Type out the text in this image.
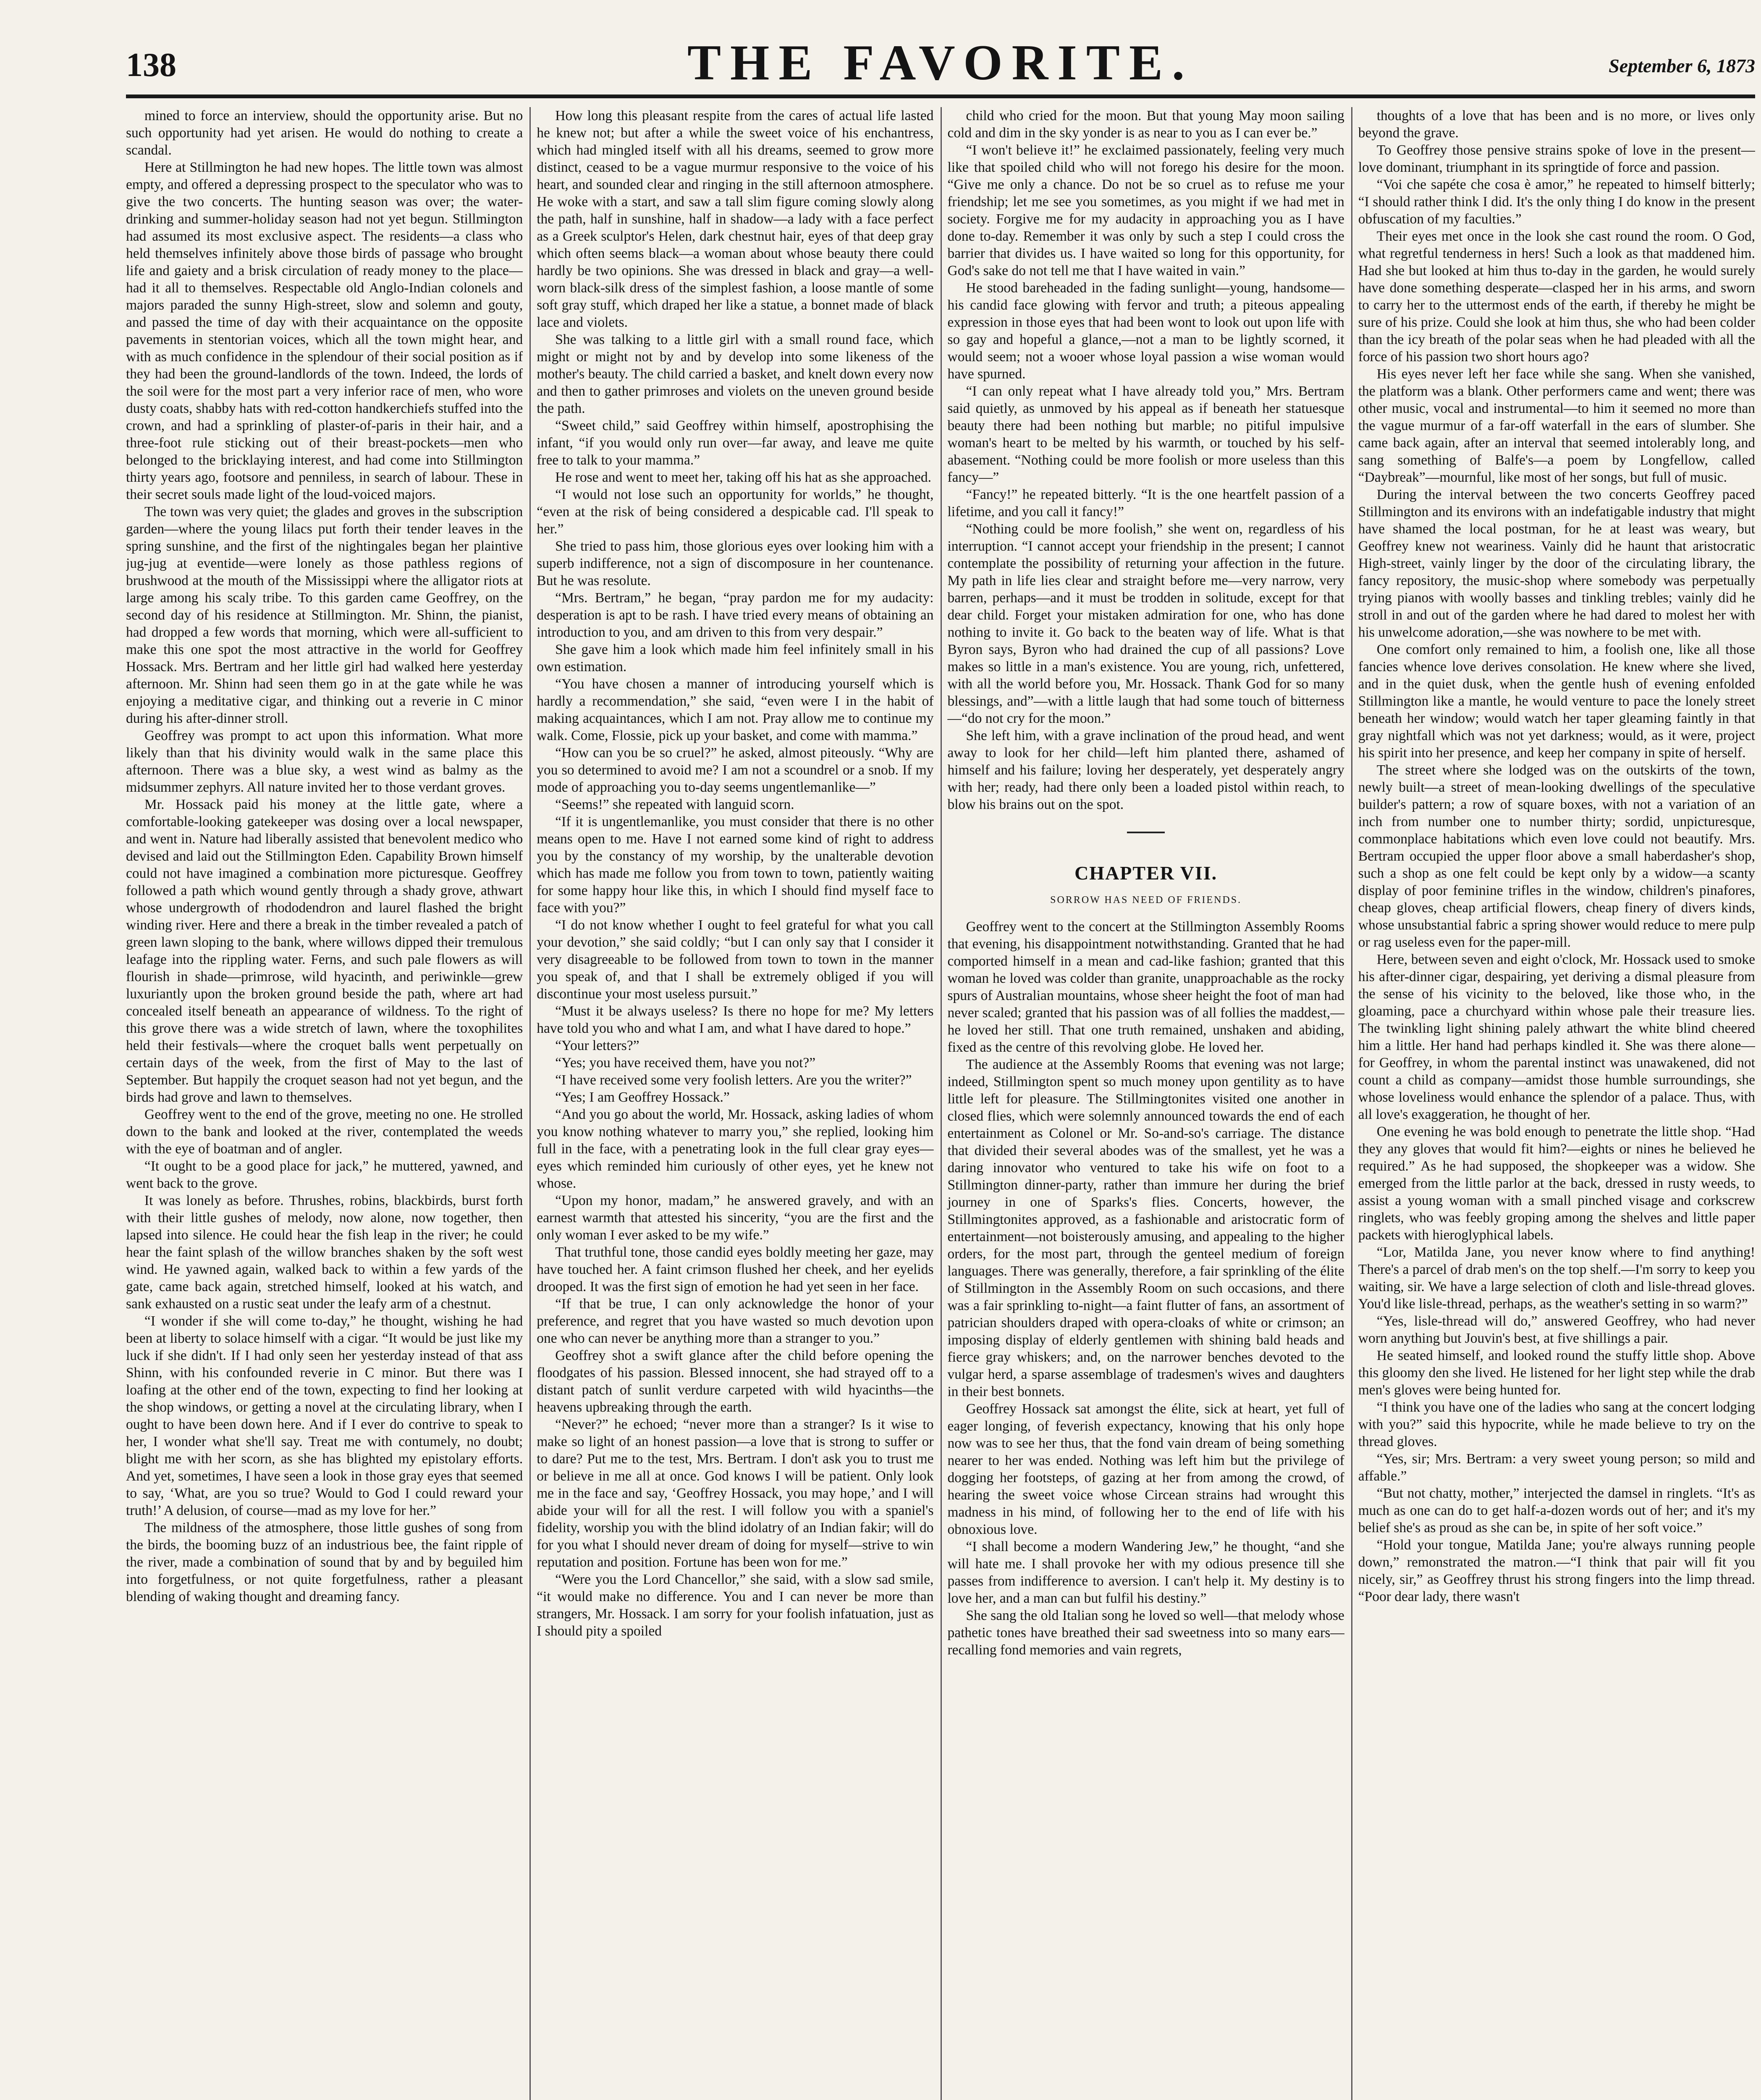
138	THE FAVORITE.	September 6, 1873

mined to force an interview, should the opportunity arise. But no such opportunity had yet arisen. He would do nothing to create a scandal.

Here at Stillmington he had new hopes. The little town was almost empty, and offered a depressing prospect to the speculator who was to give the two concerts. The hunting season was over; the water-drinking and summer-holiday season had not yet begun. Stillmington had assumed its most exclusive aspect. The residents—a class who held themselves infinitely above those birds of passage who brought life and gaiety and a brisk circulation of ready money to the place—had it all to themselves. Respectable old Anglo-Indian colonels and majors paraded the sunny High-street, slow and solemn and gouty, and passed the time of day with their acquaintance on the opposite pavements in stentorian voices, which all the town might hear, and with as much confidence in the splendour of their social position as if they had been the ground-landlords of the town. Indeed, the lords of the soil were for the most part a very inferior race of men, who wore dusty coats, shabby hats with red-cotton handkerchiefs stuffed into the crown, and had a sprinkling of plaster-of-paris in their hair, and a three-foot rule sticking out of their breast-pockets—men who belonged to the bricklaying interest, and had come into Stillmington thirty years ago, footsore and penniless, in search of labour. These in their secret souls made light of the loud-voiced majors.

The town was very quiet; the glades and groves in the subscription garden—where the young lilacs put forth their tender leaves in the spring sunshine, and the first of the nightingales began her plaintive jug-jug at eventide—were lonely as those pathless regions of brushwood at the mouth of the Mississippi where the alligator riots at large among his scaly tribe. To this garden came Geoffrey, on the second day of his residence at Stillmington. Mr. Shinn, the pianist, had dropped a few words that morning, which were all-sufficient to make this one spot the most attractive in the world for Geoffrey Hossack. Mrs. Bertram and her little girl had walked here yesterday afternoon. Mr. Shinn had seen them go in at the gate while he was enjoying a meditative cigar, and thinking out a reverie in C minor during his after-dinner stroll.

Geoffrey was prompt to act upon this information. What more likely than that his divinity would walk in the same place this afternoon. There was a blue sky, a west wind as balmy as the midsummer zephyrs. All nature invited her to those verdant groves.

Mr. Hossack paid his money at the little gate, where a comfortable-looking gatekeeper was dosing over a local newspaper, and went in. Nature had liberally assisted that benevolent medico who devised and laid out the Stillmington Eden. Capability Brown himself could not have imagined a combination more picturesque. Geoffrey followed a path which wound gently through a shady grove, athwart whose undergrowth of rhododendron and laurel flashed the bright winding river. Here and there a break in the timber revealed a patch of green lawn sloping to the bank, where willows dipped their tremulous leafage into the rippling water. Ferns, and such pale flowers as will flourish in shade—primrose, wild hyacinth, and periwinkle—grew luxuriantly upon the broken ground beside the path, where art had concealed itself beneath an appearance of wildness. To the right of this grove there was a wide stretch of lawn, where the toxophilites held their festivals—where the croquet balls went perpetually on certain days of the week, from the first of May to the last of September. But happily the croquet season had not yet begun, and the birds had grove and lawn to themselves.

Geoffrey went to the end of the grove, meeting no one. He strolled down to the bank and looked at the river, contemplated the weeds with the eye of boatman and of angler.

“It ought to be a good place for jack,” he muttered, yawned, and went back to the grove.

It was lonely as before. Thrushes, robins, blackbirds, burst forth with their little gushes of melody, now alone, now together, then lapsed into silence. He could hear the fish leap in the river; he could hear the faint splash of the willow branches shaken by the soft west wind. He yawned again, walked back to within a few yards of the gate, came back again, stretched himself, looked at his watch, and sank exhausted on a rustic seat under the leafy arm of a chestnut.

“I wonder if she will come to-day,” he thought, wishing he had been at liberty to solace himself with a cigar. “It would be just like my luck if she didn't. If I had only seen her yesterday instead of that ass Shinn, with his confounded reverie in C minor. But there was I loafing at the other end of the town, expecting to find her looking at the shop windows, or getting a novel at the circulating library, when I ought to have been down here. And if I ever do contrive to speak to her, I wonder what she'll say. Treat me with contumely, no doubt; blight me with her scorn, as she has blighted my epistolary efforts. And yet, sometimes, I have seen a look in those gray eyes that seemed to say, ‘What, are you so true? Would to God I could reward your truth!’ A delusion, of course—mad as my love for her.”

The mildness of the atmosphere, those little gushes of song from the birds, the booming buzz of an industrious bee, the faint ripple of the river, made a combination of sound that by and by beguiled him into forgetfulness, or not quite forgetfulness, rather a pleasant blending of waking thought and dreaming fancy.

How long this pleasant respite from the cares of actual life lasted he knew not; but after a while the sweet voice of his enchantress, which had mingled itself with all his dreams, seemed to grow more distinct, ceased to be a vague murmur responsive to the voice of his heart, and sounded clear and ringing in the still afternoon atmosphere. He woke with a start, and saw a tall slim figure coming slowly along the path, half in sunshine, half in shadow—a lady with a face perfect as a Greek sculptor's Helen, dark chestnut hair, eyes of that deep gray which often seems black—a woman about whose beauty there could hardly be two opinions. She was dressed in black and gray—a well-worn black-silk dress of the simplest fashion, a loose mantle of some soft gray stuff, which draped her like a statue, a bonnet made of black lace and violets.

She was talking to a little girl with a small round face, which might or might not by and by develop into some likeness of the mother's beauty. The child carried a basket, and knelt down every now and then to gather primroses and violets on the uneven ground beside the path.

“Sweet child,” said Geoffrey within himself, apostrophising the infant, “if you would only run over—far away, and leave me quite free to talk to your mamma.”

He rose and went to meet her, taking off his hat as she approached.

“I would not lose such an opportunity for worlds,” he thought, “even at the risk of being considered a despicable cad. I'll speak to her.”

She tried to pass him, those glorious eyes over looking him with a superb indifference, not a sign of discomposure in her countenance. But he was resolute.

“Mrs. Bertram,” he began, “pray pardon me for my audacity: desperation is apt to be rash. I have tried every means of obtaining an introduction to you, and am driven to this from very despair.”

She gave him a look which made him feel infinitely small in his own estimation.

“You have chosen a manner of introducing yourself which is hardly a recommendation,” she said, “even were I in the habit of making acquaintances, which I am not. Pray allow me to continue my walk. Come, Flossie, pick up your basket, and come with mamma.”

“How can you be so cruel?” he asked, almost piteously. “Why are you so determined to avoid me? I am not a scoundrel or a snob. If my mode of approaching you to-day seems ungentlemanlike—”

“Seems!” she repeated with languid scorn.

“If it is ungentlemanlike, you must consider that there is no other means open to me. Have I not earned some kind of right to address you by the constancy of my worship, by the unalterable devotion which has made me follow you from town to town, patiently waiting for some happy hour like this, in which I should find myself face to face with you?”

“I do not know whether I ought to feel grateful for what you call your devotion,” she said coldly; “but I can only say that I consider it very disagreeable to be followed from town to town in the manner you speak of, and that I shall be extremely obliged if you will discontinue your most useless pursuit.”

“Must it be always useless? Is there no hope for me? My letters have told you who and what I am, and what I have dared to hope.”

“Your letters?”

“Yes; you have received them, have you not?”

“I have received some very foolish letters. Are you the writer?”

“Yes; I am Geoffrey Hossack.”

“And you go about the world, Mr. Hossack, asking ladies of whom you know nothing whatever to marry you,” she replied, looking him full in the face, with a penetrating look in the full clear gray eyes—eyes which reminded him curiously of other eyes, yet he knew not whose.

“Upon my honor, madam,” he answered gravely, and with an earnest warmth that attested his sincerity, “you are the first and the only woman I ever asked to be my wife.”

That truthful tone, those candid eyes boldly meeting her gaze, may have touched her. A faint crimson flushed her cheek, and her eyelids drooped. It was the first sign of emotion he had yet seen in her face.

“If that be true, I can only acknowledge the honor of your preference, and regret that you have wasted so much devotion upon one who can never be anything more than a stranger to you.”

Geoffrey shot a swift glance after the child before opening the floodgates of his passion. Blessed innocent, she had strayed off to a distant patch of sunlit verdure carpeted with wild hyacinths—the heavens upbreaking through the earth.

“Never?” he echoed; “never more than a stranger? Is it wise to make so light of an honest passion—a love that is strong to suffer or to dare? Put me to the test, Mrs. Bertram. I don't ask you to trust me or believe in me all at once. God knows I will be patient. Only look me in the face and say, ‘Geoffrey Hossack, you may hope,’ and I will abide your will for all the rest. I will follow you with a spaniel's fidelity, worship you with the blind idolatry of an Indian fakir; will do for you what I should never dream of doing for myself—strive to win reputation and position. Fortune has been won for me.”

“Were you the Lord Chancellor,” she said, with a slow sad smile, “it would make no difference. You and I can never be more than strangers, Mr. Hossack. I am sorry for your foolish infatuation, just as I should pity a spoiled

child who cried for the moon. But that young May moon sailing cold and dim in the sky yonder is as near to you as I can ever be.”

“I won't believe it!” he exclaimed passionately, feeling very much like that spoiled child who will not forego his desire for the moon. “Give me only a chance. Do not be so cruel as to refuse me your friendship; let me see you sometimes, as you might if we had met in society. Forgive me for my audacity in approaching you as I have done to-day. Remember it was only by such a step I could cross the barrier that divides us. I have waited so long for this opportunity, for God's sake do not tell me that I have waited in vain.”

He stood bareheaded in the fading sunlight—young, handsome—his candid face glowing with fervor and truth; a piteous appealing expression in those eyes that had been wont to look out upon life with so gay and hopeful a glance,—not a man to be lightly scorned, it would seem; not a wooer whose loyal passion a wise woman would have spurned.

“I can only repeat what I have already told you,” Mrs. Bertram said quietly, as unmoved by his appeal as if beneath her statuesque beauty there had been nothing but marble; no pitiful impulsive woman's heart to be melted by his warmth, or touched by his self-abasement. “Nothing could be more foolish or more useless than this fancy—”

“Fancy!” he repeated bitterly. “It is the one heartfelt passion of a lifetime, and you call it fancy!”

“Nothing could be more foolish,” she went on, regardless of his interruption. “I cannot accept your friendship in the present; I cannot contemplate the possibility of returning your affection in the future. My path in life lies clear and straight before me—very narrow, very barren, perhaps—and it must be trodden in solitude, except for that dear child. Forget your mistaken admiration for one, who has done nothing to invite it. Go back to the beaten way of life. What is that Byron says, Byron who had drained the cup of all passions? Love makes so little in a man's existence. You are young, rich, unfettered, with all the world before you, Mr. Hossack. Thank God for so many blessings, and”—with a little laugh that had some touch of bitterness—“do not cry for the moon.”

She left him, with a grave inclination of the proud head, and went away to look for her child—left him planted there, ashamed of himself and his failure; loving her desperately, yet desperately angry with her; ready, had there only been a loaded pistol within reach, to blow his brains out on the spot.

CHAPTER VII.
SORROW HAS NEED OF FRIENDS.

Geoffrey went to the concert at the Stillmington Assembly Rooms that evening, his disappointment notwithstanding. Granted that he had comported himself in a mean and cad-like fashion; granted that this woman he loved was colder than granite, unapproachable as the rocky spurs of Australian mountains, whose sheer height the foot of man had never scaled; granted that his passion was of all follies the maddest,—he loved her still. That one truth remained, unshaken and abiding, fixed as the centre of this revolving globe. He loved her.

The audience at the Assembly Rooms that evening was not large; indeed, Stillmington spent so much money upon gentility as to have little left for pleasure. The Stillmingtonites visited one another in closed flies, which were solemnly announced towards the end of each entertainment as Colonel or Mr. So-and-so's carriage. The distance that divided their several abodes was of the smallest, yet he was a daring innovator who ventured to take his wife on foot to a Stillmington dinner-party, rather than immure her during the brief journey in one of Sparks's flies. Concerts, however, the Stillmingtonites approved, as a fashionable and aristocratic form of entertainment—not boisterously amusing, and appealing to the higher orders, for the most part, through the genteel medium of foreign languages. There was generally, therefore, a fair sprinkling of the élite of Stillmington in the Assembly Room on such occasions, and there was a fair sprinkling to-night—a faint flutter of fans, an assortment of patrician shoulders draped with opera-cloaks of white or crimson; an imposing display of elderly gentlemen with shining bald heads and fierce gray whiskers; and, on the narrower benches devoted to the vulgar herd, a sparse assemblage of tradesmen's wives and daughters in their best bonnets.

Geoffrey Hossack sat amongst the élite, sick at heart, yet full of eager longing, of feverish expectancy, knowing that his only hope now was to see her thus, that the fond vain dream of being something nearer to her was ended. Nothing was left him but the privilege of dogging her footsteps, of gazing at her from among the crowd, of hearing the sweet voice whose Circean strains had wrought this madness in his mind, of following her to the end of life with his obnoxious love.

“I shall become a modern Wandering Jew,” he thought, “and she will hate me. I shall provoke her with my odious presence till she passes from indifference to aversion. I can't help it. My destiny is to love her, and a man can but fulfil his destiny.”

She sang the old Italian song he loved so well—that melody whose pathetic tones have breathed their sad sweetness into so many ears—recalling fond memories and vain regrets,

thoughts of a love that has been and is no more, or lives only beyond the grave.

To Geoffrey those pensive strains spoke of love in the present—love dominant, triumphant in its springtide of force and passion.

“Voi che sapéte che cosa è amor,” he repeated to himself bitterly; “I should rather think I did. It's the only thing I do know in the present obfuscation of my faculties.”

Their eyes met once in the look she cast round the room. O God, what regretful tenderness in hers! Such a look as that maddened him. Had she but looked at him thus to-day in the garden, he would surely have done something desperate—clasped her in his arms, and sworn to carry her to the uttermost ends of the earth, if thereby he might be sure of his prize. Could she look at him thus, she who had been colder than the icy breath of the polar seas when he had pleaded with all the force of his passion two short hours ago?

His eyes never left her face while she sang. When she vanished, the platform was a blank. Other performers came and went; there was other music, vocal and instrumental—to him it seemed no more than the vague murmur of a far-off waterfall in the ears of slumber. She came back again, after an interval that seemed intolerably long, and sang something of Balfe's—a poem by Longfellow, called “Daybreak”—mournful, like most of her songs, but full of music.

During the interval between the two concerts Geoffrey paced Stillmington and its environs with an indefatigable industry that might have shamed the local postman, for he at least was weary, but Geoffrey knew not weariness. Vainly did he haunt that aristocratic High-street, vainly linger by the door of the circulating library, the fancy repository, the music-shop where somebody was perpetually trying pianos with woolly basses and tinkling trebles; vainly did he stroll in and out of the garden where he had dared to molest her with his unwelcome adoration,—she was nowhere to be met with.

One comfort only remained to him, a foolish one, like all those fancies whence love derives consolation. He knew where she lived, and in the quiet dusk, when the gentle hush of evening enfolded Stillmington like a mantle, he would venture to pace the lonely street beneath her window; would watch her taper gleaming faintly in that gray nightfall which was not yet darkness; would, as it were, project his spirit into her presence, and keep her company in spite of herself.

The street where she lodged was on the outskirts of the town, newly built—a street of mean-looking dwellings of the speculative builder's pattern; a row of square boxes, with not a variation of an inch from number one to number thirty; sordid, unpicturesque, commonplace habitations which even love could not beautify. Mrs. Bertram occupied the upper floor above a small haberdasher's shop, such a shop as one felt could be kept only by a widow—a scanty display of poor feminine trifles in the window, children's pinafores, cheap gloves, cheap artificial flowers, cheap finery of divers kinds, whose unsubstantial fabric a spring shower would reduce to mere pulp or rag useless even for the paper-mill.

Here, between seven and eight o'clock, Mr. Hossack used to smoke his after-dinner cigar, despairing, yet deriving a dismal pleasure from the sense of his vicinity to the beloved, like those who, in the gloaming, pace a churchyard within whose pale their treasure lies. The twinkling light shining palely athwart the white blind cheered him a little. Her hand had perhaps kindled it. She was there alone—for Geoffrey, in whom the parental instinct was unawakened, did not count a child as company—amidst those humble surroundings, she whose loveliness would enhance the splendor of a palace. Thus, with all love's exaggeration, he thought of her.

One evening he was bold enough to penetrate the little shop. “Had they any gloves that would fit him?—eights or nines he believed he required.” As he had supposed, the shopkeeper was a widow. She emerged from the little parlor at the back, dressed in rusty weeds, to assist a young woman with a small pinched visage and corkscrew ringlets, who was feebly groping among the shelves and little paper packets with hieroglyphical labels.

“Lor, Matilda Jane, you never know where to find anything! There's a parcel of drab men's on the top shelf.—I'm sorry to keep you waiting, sir. We have a large selection of cloth and lisle-thread gloves. You'd like lisle-thread, perhaps, as the weather's setting in so warm?”

“Yes, lisle-thread will do,” answered Geoffrey, who had never worn anything but Jouvin's best, at five shillings a pair.

He seated himself, and looked round the stuffy little shop. Above this gloomy den she lived. He listened for her light step while the drab men's gloves were being hunted for.

“I think you have one of the ladies who sang at the concert lodging with you?” said this hypocrite, while he made believe to try on the thread gloves.

“Yes, sir; Mrs. Bertram: a very sweet young person; so mild and affable.”

“But not chatty, mother,” interjected the damsel in ringlets. “It's as much as one can do to get half-a-dozen words out of her; and it's my belief she's as proud as she can be, in spite of her soft voice.”

“Hold your tongue, Matilda Jane; you're always running people down,” remonstrated the matron.—“I think that pair will fit you nicely, sir,” as Geoffrey thrust his strong fingers into the limp thread. “Poor dear lady, there wasn't
